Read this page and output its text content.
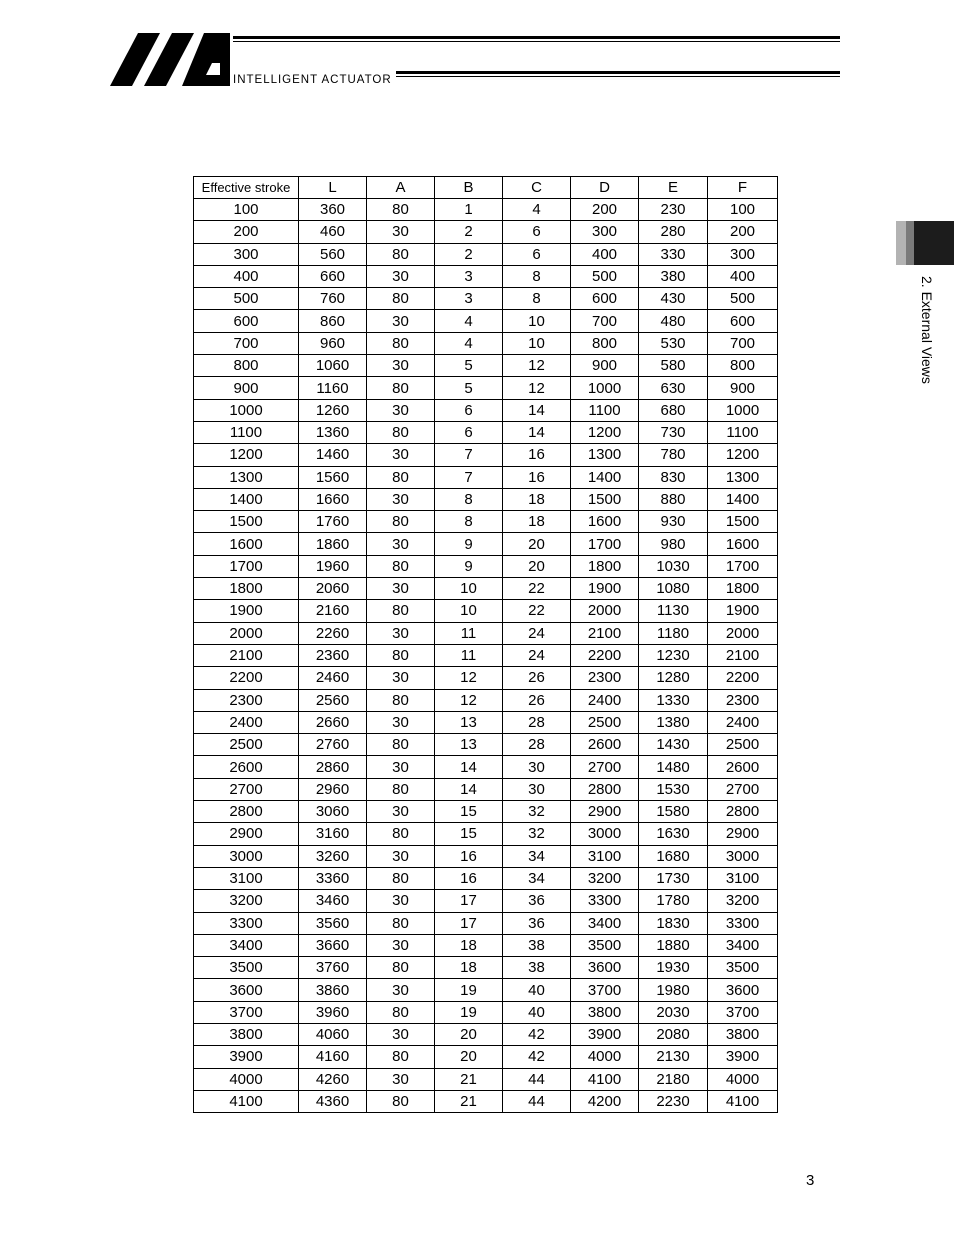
INTELLIGENT ACTUATOR
2. External Views
Effective stroke	L	A	B	C	D	E	F
100	360	80	1	4	200	230	100
200	460	30	2	6	300	280	200
300	560	80	2	6	400	330	300
400	660	30	3	8	500	380	400
500	760	80	3	8	600	430	500
600	860	30	4	10	700	480	600
700	960	80	4	10	800	530	700
800	1060	30	5	12	900	580	800
900	1160	80	5	12	1000	630	900
1000	1260	30	6	14	1100	680	1000
1100	1360	80	6	14	1200	730	1100
1200	1460	30	7	16	1300	780	1200
1300	1560	80	7	16	1400	830	1300
1400	1660	30	8	18	1500	880	1400
1500	1760	80	8	18	1600	930	1500
1600	1860	30	9	20	1700	980	1600
1700	1960	80	9	20	1800	1030	1700
1800	2060	30	10	22	1900	1080	1800
1900	2160	80	10	22	2000	1130	1900
2000	2260	30	11	24	2100	1180	2000
2100	2360	80	11	24	2200	1230	2100
2200	2460	30	12	26	2300	1280	2200
2300	2560	80	12	26	2400	1330	2300
2400	2660	30	13	28	2500	1380	2400
2500	2760	80	13	28	2600	1430	2500
2600	2860	30	14	30	2700	1480	2600
2700	2960	80	14	30	2800	1530	2700
2800	3060	30	15	32	2900	1580	2800
2900	3160	80	15	32	3000	1630	2900
3000	3260	30	16	34	3100	1680	3000
3100	3360	80	16	34	3200	1730	3100
3200	3460	30	17	36	3300	1780	3200
3300	3560	80	17	36	3400	1830	3300
3400	3660	30	18	38	3500	1880	3400
3500	3760	80	18	38	3600	1930	3500
3600	3860	30	19	40	3700	1980	3600
3700	3960	80	19	40	3800	2030	3700
3800	4060	30	20	42	3900	2080	3800
3900	4160	80	20	42	4000	2130	3900
4000	4260	30	21	44	4100	2180	4000
4100	4360	80	21	44	4200	2230	4100
3
